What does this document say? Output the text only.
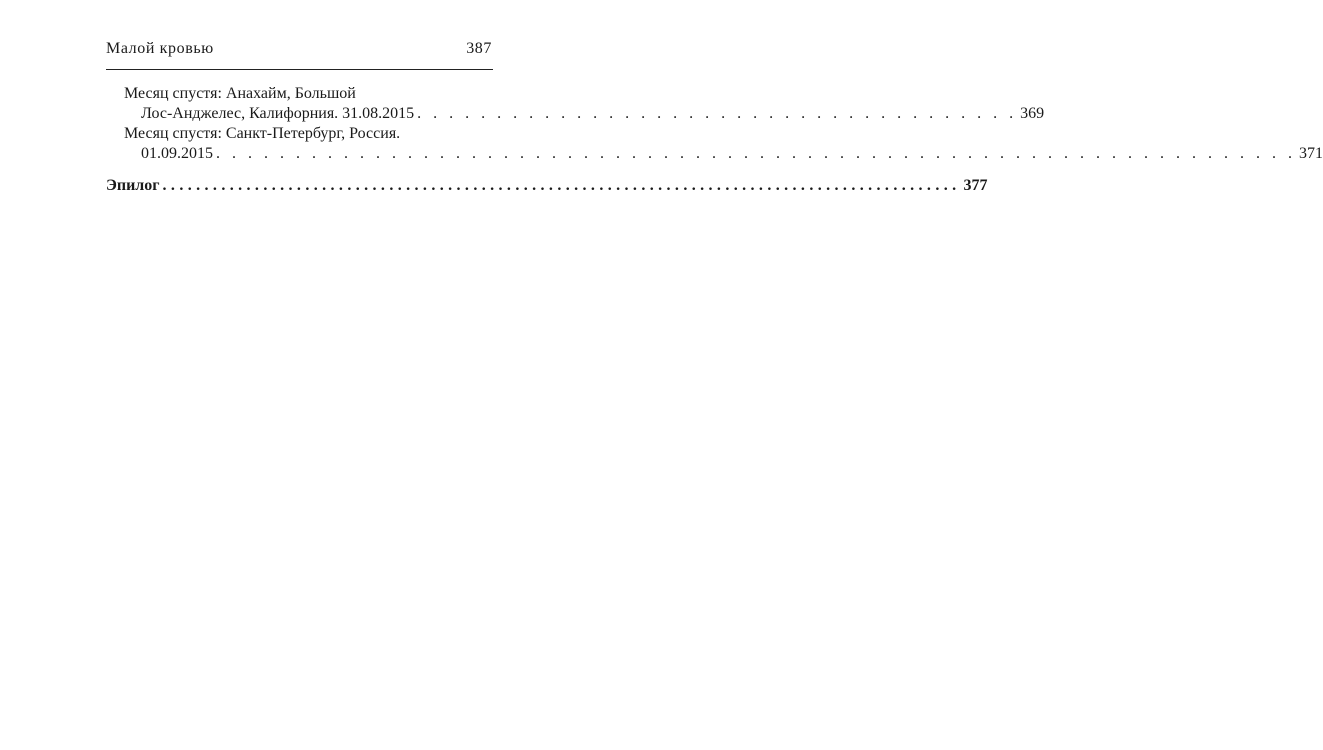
Малой кровью	387
Месяц спустя: Анахайм, Большой
Лос-Анджелес, Калифорния. 31.08.2015 . . . . . . . . . . . . . . . . . . . . . . . . . . . . . . . . . . . . . . 369
Месяц спустя: Санкт-Петербург, Россия.
01.09.2015 . . . . . . . . . . . . . . . . . . . . . . . . . . . . . . . . . . . . . . . . . . . . . . . . . . . . . . . . . . . . . . . . . . . . 371
Эпилог ............................................................................................... 377
